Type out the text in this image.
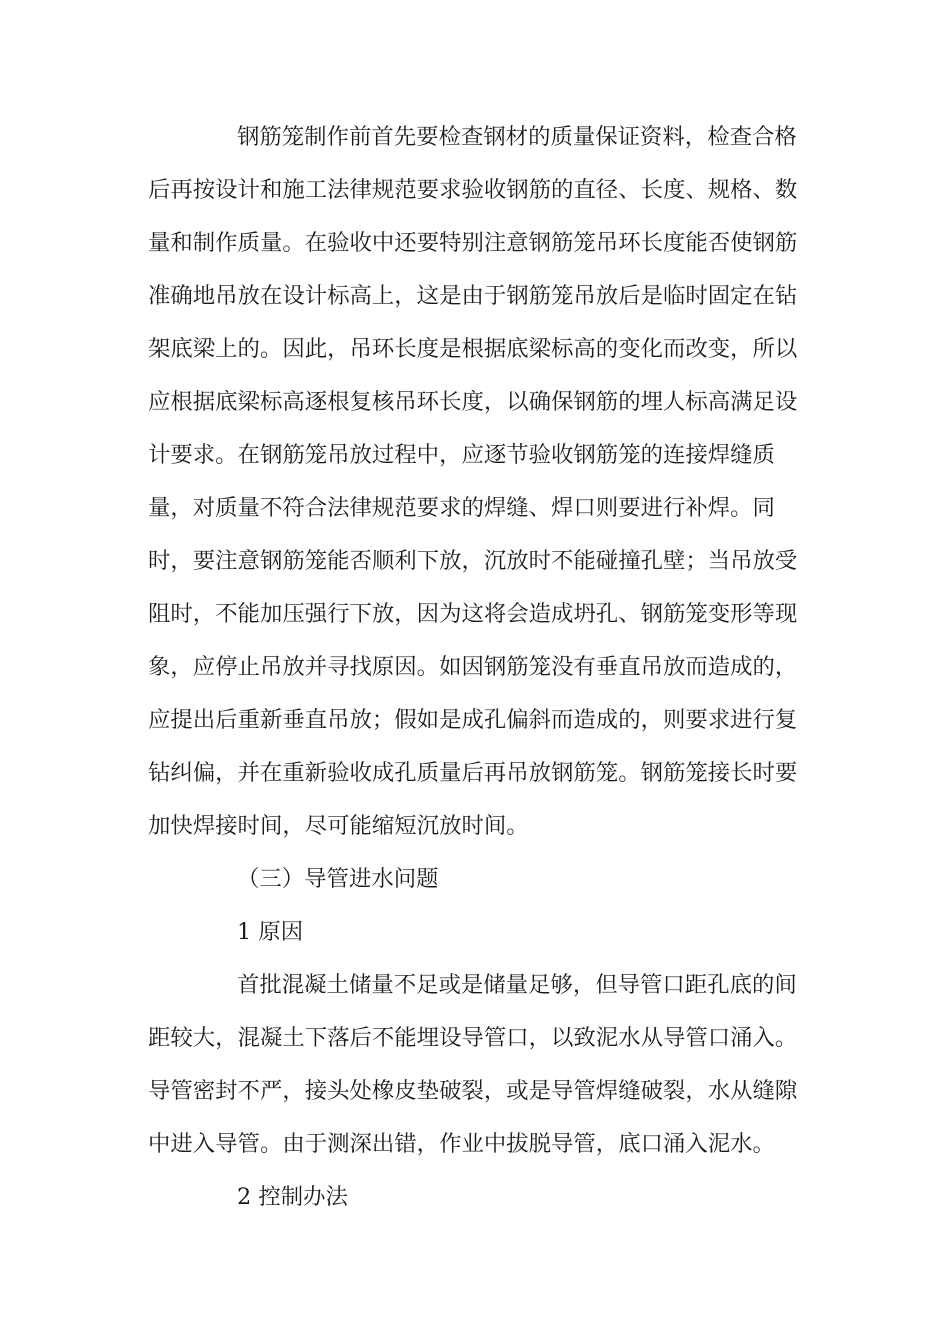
钢筋笼制作前首先要检查钢材的质量保证资料，检查合格

后再按设计和施工法律规范要求验收钢筋的直径、长度、规格、数

量和制作质量。在验收中还要特别注意钢筋笼吊环长度能否使钢筋

准确地吊放在设计标高上，这是由于钢筋笼吊放后是临时固定在钻

架底梁上的。因此，吊环长度是根据底梁标高的变化而改变，所以

应根据底梁标高逐根复核吊环长度，以确保钢筋的埋人标高满足设

计要求。在钢筋笼吊放过程中，应逐节验收钢筋笼的连接焊缝质

量，对质量不符合法律规范要求的焊缝、焊口则要进行补焊。同

时，要注意钢筋笼能否顺利下放，沉放时不能碰撞孔壁；当吊放受

阻时，不能加压强行下放，因为这将会造成坍孔、钢筋笼变形等现

象，应停止吊放并寻找原因。如因钢筋笼没有垂直吊放而造成的，

应提出后重新垂直吊放；假如是成孔偏斜而造成的，则要求进行复

钻纠偏，并在重新验收成孔质量后再吊放钢筋笼。钢筋笼接长时要

加快焊接时间，尽可能缩短沉放时间。

（三）导管进水问题

1 原因

首批混凝土储量不足或是储量足够，但导管口距孔底的间

距较大，混凝土下落后不能埋设导管口，以致泥水从导管口涌入。

导管密封不严，接头处橡皮垫破裂，或是导管焊缝破裂，水从缝隙

中进入导管。由于测深出错，作业中拔脱导管，底口涌入泥水。

2 控制办法
